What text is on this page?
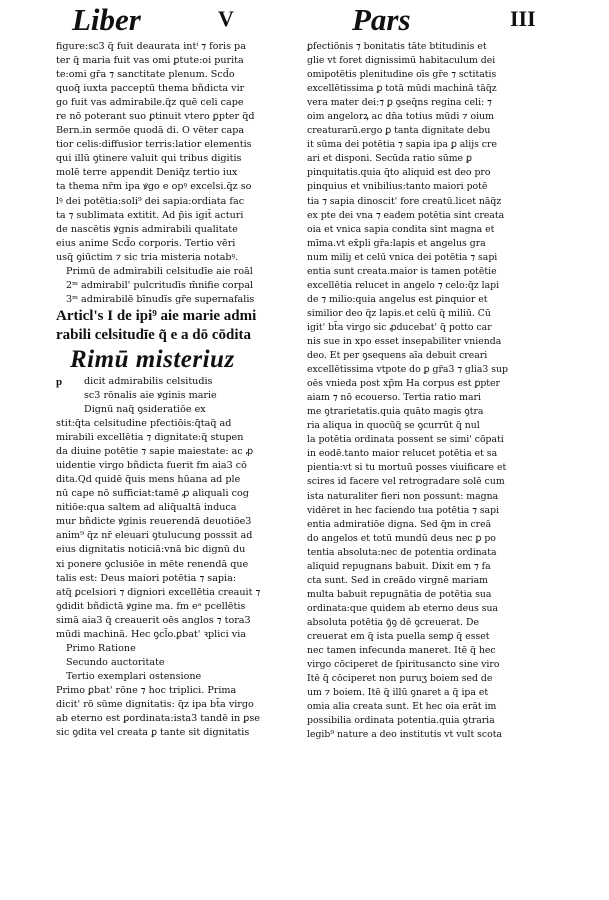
Liber	V	Pars	III
figure:sc3 q̃ fuit deaurata intⁱ ⁊ foris pa
ter q̃ maria fuit vas omi ꝑtute:oi purita
te:omi gr̃a ⁊ sanctitate plenum. Scd̃o
quoq̃ iuxta pacceptū thema bñdicta vir
go fuit vas admirabile.q̃z quē celi cape
re nō poterant suo ꝑtinuit vtero ꝑpter q̃d
Bern.in sermōe quodā di. O vēter capa
tior celis:diffusior terris:latior elementis
qui illū ꝯtinere valuit qui tribus digitis
molē terre appendit Deniq̃z tertio iux
ta thema nr̃m ipa ꝟgo e opꝰ excelsi.q̃z so
lꝰ dei potētia:soli⁹ dei sapia:ordiata fac
ta ⁊ sublimata extitit. Ad p̄is igit̄ acturi
de nascētis ꝟgnis admirabili qualitate
eius anime Scd̃o corporis. Tertio vēri
usq̃ ꝯiūctim ⁊ sic tria misteria notabꝰ.
Primū de admirabili celsitudīe aie roāl
2ᵐ admirabil' pulcritudīs m̄nifie corpal
3ᵐ admirabilē bīnudīs gr̃e supernafalis
Articl's I de ipi⁹ aie marie admi
rabili celsitudīe q̃ e a dō cōdita
Rimū misteriuz
p dicit admirabilis celsitudis
sc3 rōnalis aie ꝟginis marie
Dignū naq̃ ꝯsideratiōe ex
stit:q̃ta celsitudine pfectiōis:q̃taq̃ ad
mirabili excellētia ⁊ dignitate:q̃ stupen
da diuine potētie ⁊ sapie maiestate: ac ꝓ
uidentie virgo bñdicta fuerit fm aia3 cō
dita.Qd quidē q̃uis mens hūana ad ple
nū cape nō sufficiat:tamē ꝓ aliquali cog
nitiōe:qua saltem ad aliq̃ualtā induca
mur bñdicte ꝟginis reuerendā deuotiōe3
anim⁹ q̃z nr̄ eleuari ꝯtulucung posssit ad
eius dignitatis noticiā:vnā bic dignū du
xi ponere ꝯclusiōe in mēte renendā que
talis est: Deus maiori potētia ⁊ sapia:
atq̃ ꝑcelsiori ⁊ digniori excellētia creauit ⁊
ꝯdidit bñdictā ꝟgine ma. fm eᵃ pcellētis
simā aia3 q̃ creauerit oēs anglos ⁊ tora3
mūdi machinā. Hec ꝯcl̃o.ꝑbat' ꝛplici via
Primo Ratione
Secundo auctoritate
Tertio exemplari ostensione
Primo ꝑbat' rōne ⁊ hoc triplici. Prima
dicit' rō sūme dignitatis: q̃z ipa bt̄a virgo
ab eterno est ꝑordinata:ista3 tandē in ꝑse
sic ꝯdita vel creata ꝑ tante sit dignitatis
ꝑfectiōnis ⁊ bonitatis tāte btitudinis et
glie vt foret dignissimū habitaculum dei
omipotētis plenitudine oīs gr̃e ⁊ sctitatis
excellētissima ꝑ totā mūdi machinā tāq̃z
vera mater dei:⁊ ꝑ ꝯseq̄ns regina celi: ⁊
oim angelorꝝ ac dn̄a totius mūdi ⁊ oium
creaturarū.ergo ꝑ tanta dignitate debu
it sūma dei potētia ⁊ sapia ipa ꝑ alijs cre
ari et disponi. Secūda ratio sūme ꝑ
pinquitatis.quia q̃to aliquid est deo pro
pinquius et vnibilius:tanto maiori potē
tia ⁊ sapia dinoscit' fore creatū.licet nāq̃z
ex pte dei vna ⁊ eadem potētia sint creata
oia et vnica sapia condita sint magna et
mīma.vt ex̄pli gr̃a:lapis et angelus gra
num miliȷ et celū vnica dei potētia ⁊ sapi
entia sunt creata.maior is tamen potētie
excellētia relucet in angelo ⁊ celo:q̃z lapi
de ⁊ milio:quia angelus est ꝑinquior et
similior deo q̃z lapis.et celū q̃ miliū. Cū
igit' bt̄a virgo sic ꝓducebat' q̃ potto car
nis sue in xpo esset insepabiliter vnienda
deo. Et per ꝯsequens aīa debuit creari
excellētissima vtpote do ꝑ gr̃a3 ⁊ glia3 sup
oēs vnieda post xp̄m Ha corpus est ꝑpter
aiam ⁊ nō ecouerso. Tertia ratio mari
me ꝯtrarietatis.quia quāto magis ꝯtra
ria aliqua in quocūq̃ se ꝯcurrūt q̃ nul
la potētia ordinata possent se simi' cōpati
in eodē.tanto maior relucet potētia et sa
pientia:vt si tu mortuū posses viuificare et
scires id facere vel retrogradare solē cum
ista naturaliter fieri non possunt: magna
vidēret in hec faciendo tua potētia ⁊ sapi
entia admiratiōe digna. Sed q̃m in creā
do angelos et totū mundū deus nec ꝑ po
tentia absoluta:nec de potentia ordinata
aliquid repugnans babuit. Dixit em ⁊ fa
cta sunt. Sed in creādo virgnē mariam
multa babuit repugnātia de potētia sua
ordinata:que quidem ab eterno deus sua
absoluta potētia ꝯ̄ꝯ dē ꝯcreuerat. De
creuerat em q̃ ista puella semꝑ q̃ esset
nec tamen infecunda maneret. Itē q̃ hec
virgo cōciperet de ſpiritusancto sine viro
Itē q̃ cōciperet non puruʒ boiem sed de
um ⁊ boiem. Itē q̃ illū ꝯnaret a q̃ ipa et
omia alia creata sunt. Et hec oia erāt im
possibilia ordinata potentia.quia ꝯtraria
legib⁹ nature a deo institutis vt vult scota
